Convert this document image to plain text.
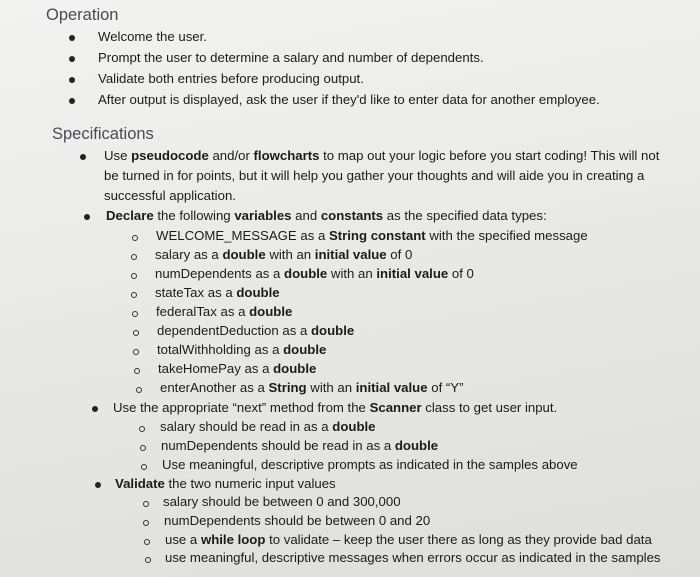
Operation
Welcome the user.
Prompt the user to determine a salary and number of dependents.
Validate both entries before producing output.
After output is displayed, ask the user if they'd like to enter data for another employee.
Specifications
Use pseudocode and/or flowcharts to map out your logic before you start coding! This will not
be turned in for points, but it will help you gather your thoughts and will aide you in creating a
successful application.
Declare the following variables and constants as the specified data types:
WELCOME_MESSAGE as a String constant with the specified message
salary as a double with an initial value of 0
numDependents as a double with an initial value of 0
stateTax as a double
federalTax as a double
dependentDeduction as a double
totalWithholding as a double
takeHomePay as a double
enterAnother as a String with an initial value of “Y”
Use the appropriate “next” method from the Scanner class to get user input.
salary should be read in as a double
numDependents should be read in as a double
Use meaningful, descriptive prompts as indicated in the samples above
Validate the two numeric input values
salary should be between 0 and 300,000
numDependents should be between 0 and 20
use a while loop to validate – keep the user there as long as they provide bad data
use meaningful, descriptive messages when errors occur as indicated in the samples
